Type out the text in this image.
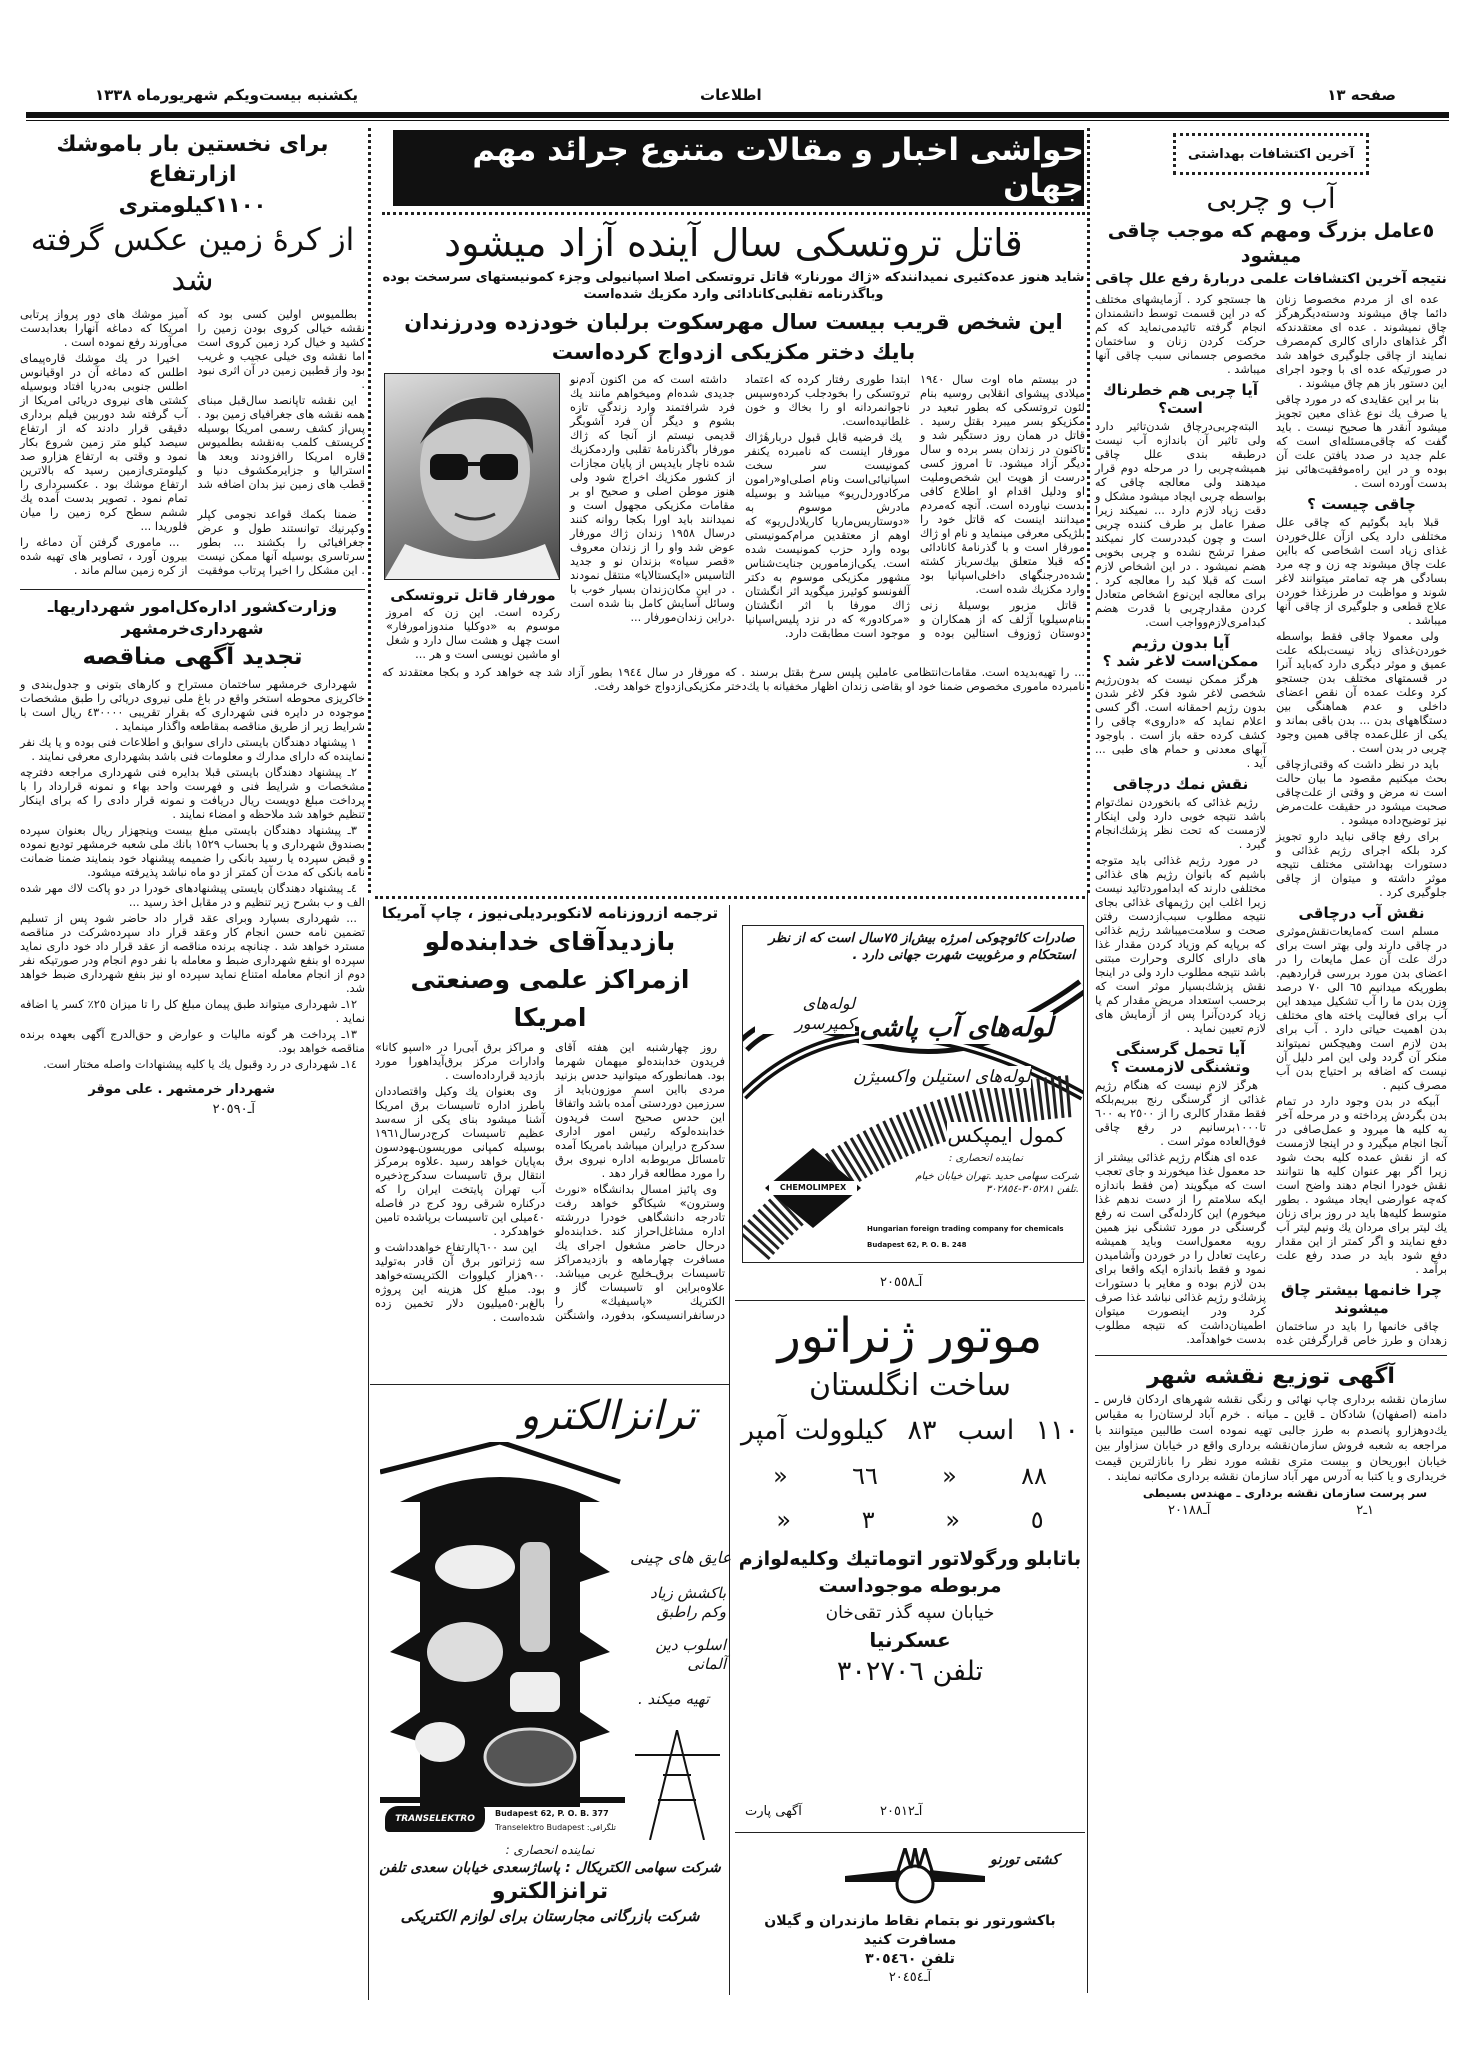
صفحه ١٣
اطلاعات
یکشنبه بیست‌ویکم شهریورماه ١٣٣٨
برای نخستین بار باموشك ازارتفاع
١١٠٠کیلومتری
از کرهٔ زمین عکس گرفته شد

بطلمیوس اولین کسی بود که نقشه خیالی کروی بودن زمین را کشید و خیال کرد زمین کروی است اما نقشه وی خیلی عجیب و غریب بود واز قطبین زمین در آن اثری نبود .

این نقشه تاپانصد سال‌قبل مبنای همه نقشه های جغرافیای زمین بود . پس‌از کشف رسمی امریکا بوسیله کریستف کلمب به‌نقشه بطلمیوس قاره امریکا راافزودند وبعد ها استرالیا و جزایرمکشوف دنیا و قطب های زمین نیز بدان اضافه شد .

ضمنا بکمك قواعد نجومی کپلر وکپرنیك توانستند طول و عرض جغرافیائی را بکشند ... بطور سرتاسری بوسیله آنها ممکن نیست . این مشکل را اخیرا پرتاب موفقیت آمیز موشك های دور پرواز پرتابی امریکا که دماغه آنهارا بعدابدست می‌آورند رفع نموده است .

اخیرا در یك موشك قاره‌پیمای اطلس که دماغه آن در اوقیانوس اطلس جنوبی به‌دریا افتاد وبوسیله کشتی های نیروی دریائی امریکا از آب گرفته شد دوربین فیلم برداری دقیقی قرار دادند که از ارتفاع سیصد کیلو متر زمین شروع بکار نمود و وقتی به ارتفاع هزارو صد کیلومتری‌ازمین رسید که بالاترین ارتفاع موشك بود . عکسبرداری را تمام نمود . تصویر بدست آمده یك ششم سطح کره زمین را میان فلوریدا ...

... ماموری گرفتن آن دماغه را بیرون آورد ، تصاویر های تهیه شده از کره زمین سالم ماند .

وزارت‌کشور اداره‌کل‌امور شهرداریهاـ شهرداری‌خرمشهر
تجدید آگهی مناقصه

شهرداری خرمشهر ساختمان مستراح و کارهای بتونی و جدول‌بندی و خاکریزی محوطه استخر واقع در باغ ملی نیروی دریائی را طبق مشخصات موجوده در دایره فنی شهرداری که بقرار تقریبی ٤٣٠٠٠٠ ریال است با شرایط زیر از طریق مناقصه بمقاطعه واگذار مینماید .

١ پیشنهاد دهندگان بایستی دارای سوابق و اطلاعات فنی بوده و یا یك نفر نماینده که دارای مدارك و معلومات فنی باشد بشهرداری معرفی نمایند .

٢ـ پیشنهاد دهندگان بایستی قبلا بدایره فنی شهرداری مراجعه دفترچه مشخصات و شرایط فنی و فهرست واحد بهاء و نمونه قرارداد را با پرداخت مبلغ دویست ریال دریافت و نمونه قرار دادی را که برای اینکار تنظیم خواهد شد ملاحظه و امضاء نمایند .

٣ـ پیشنهاد دهندگان بایستی مبلغ بیست وپنجهزار ریال بعنوان سپرده بصندوق شهرداری و یا بحساب ١٥٢٩ بانك ملی شعبه خرمشهر تودیع نموده و قبض سپرده یا رسید بانکی را ضمیمه پیشنهاد خود بنمایند ضمنا ضمانت نامه بانکی که مدت آن کمتر از دو ماه نباشد پذیرفته میشود.

٤ـ پیشنهاد دهندگان بایستی پیشنهادهای خودرا در دو پاکت لاك مهر شده الف و ب بشرح زیر تنظیم و در مقابل اخذ رسید ...

... شهرداری بسپارد وبرای عقد قرار داد حاضر شود پس از تسلیم تضمین نامه حسن انجام کار وعقد قرار داد سپرده‌شرکت در مناقصه مسترد خواهد شد . چنانچه برنده مناقصه از عقد قرار داد خود داری نماید سپرده او بنفع شهرداری ضبط و معامله با نفر دوم انجام ودر صورتیکه نفر دوم از انجام معامله امتناع نماید سپرده او نیز بنفع شهرداری ضبط خواهد شد.

١٢ـ شهرداری میتواند طبق پیمان مبلغ کل را تا میزان ٢٥٪ کسر یا اضافه نماید .

١٣ـ پرداخت هر گونه مالیات و عوارض و حق‌الدرج آگهی بعهده برنده مناقصه خواهد بود.

١٤ـ شهرداری در رد وقبول یك یا کلیه پیشنهادات واصله مختار است.

شهردار خرمشهر . علی موقر
آـ٢٠٥٩٠
حواشی اخبار و مقالات متنوع جرائد مهم جهان
قاتل تروتسکی سال آینده آزاد میشود
شاید هنوز عده‌کثیری نمیدانندکه «ژاك مورنار» قاتل تروتسکی اصلا اسپانیولی وجزء کمونیستهای سرسخت بوده وباگذرنامه تقلبی‌کانادائی وارد مکزیك شده‌است
این شخص قریب بیست سال مهرسکوت برلبان خودزده ودرزندان بایك دختر مکزیکی ازدواج کرده‌است

در بیستم ماه اوت سال ١٩٤٠ میلادی پیشوای انقلابی روسیه بنام لئون تروتسکی که بطور تبعید در مکزیکو بسر میبرد بقتل رسید . قاتل در همان روز دستگیر شد و تاکنون در زندان بسر برده و سال دیگر آزاد میشود. تا امروز کسی درست از هویت این شخص‌وملیت او ودلیل اقدام او اطلاع کافی بدست نیاورده است. آنچه که‌مردم میدانند اینست که قاتل خود را بلژیکی معرفی مینماید و نام او ژاك مورفار است و با گذرنامهٔ کانادائی که قبلا متعلق بیك‌سرباز کشته شده‌درجنگهای داخلی‌اسپانیا بود وارد مکزیك شده است.

قاتل مزبور بوسیلهٔ زنی بنام‌سیلویا آژلف که از همکاران و دوستان ژوزوف استالین بوده و ابتدا طوری رفتار کرده که اعتماد تروتسکی را بخودجلب کرده‌وسپس ناجوانمردانه او را بخاك و خون غلطانیده‌است.

یك فرضیه قابل قبول دربارهٔژاك مورفار اینست که نامبرده یکنفر کمونیست سر سخت اسپانیائی‌است ونام اصلی‌او«رامون مرکادوردل‌ریو» میباشد و بوسیله مادرش موسوم به «دوستاریس‌ماریا کاریلادل‌ریو» که اوهم از معتقدین مرام‌کمونیستی بوده وارد حزب کمونیست شده است. یکی‌ازمامورین جنایت‌شناس مشهور مکزیکی موسوم به دکتر آلفونسو کوئیرز میگوید اثر انگشتان ژاك مورفا با اثر انگشتان «مرکادور» که در نزد پلیس‌اسپانیا موجود است مطابقت دارد.

داشته است که من اکنون آدم‌نو جدیدی شده‌ام ومیخواهم مانند یك فرد شرافتمند وارد زندگی تازه بشوم و دیگر آن فرد آشوبگر قدیمی نیستم از آنجا که ژاك مورفار باگذرنامهٔ تقلبی واردمکزیك شده ناچار بایدپس از پایان مجازات از کشور مکزیك اخراج شود ولی هنوز موطن اصلی و صحیح او بر مقامات مکزیکی مجهول است و نمیدانند باید اورا بکجا روانه کنند درسال ١٩٥٨ زندان ژاك مورفار عوض شد واو را از زندان معروف «قصر سیاه» بزندان نو و جدید التاسیس «ایکستالایا» منتقل نمودند . در این مکان‌زندان بسیار خوب با وسائل آسایش کامل بنا شده است .دراین زندان‌مورفار ...

مورفار قاتل تروتسکی
رکرده است. این زن که امروز موسوم به «دوکلیا مندوزامورفار» است چهل و هشت سال دارد و شغل او ماشین نویسی است و هر ...
... را تهیه‌بدیده است. مقامات‌انتظامی عاملین پلیس سرخ بقتل برسند . که مورفار در سال ١٩٤٤ بطور آزاد شد چه خواهد کرد و بکجا معتقدند که نامبرده ماموری مخصوص ضمنا خود او بقاضی زندان اظهار مخفیانه با یك‌دختر مکزیکی‌ازدواج خواهد رفت.
ترجمه ازروزنامه لانکوبردیلی‌نیوز ، چاپ آمریکا
بازدیدآقای خدابنده‌لو ازمراکز علمی وصنعتی امریکا

روز چهارشنبه این هفته آقای فریدون خدابنده‌لو میهمان شهرما بود. همانطورکه میتوانید حدس بزنید مردی بااین اسم موزون‌باید از سرزمین دوردستی آمده باشد واتفاقا این حدس صحیح است فریدون خدابنده‌لوکه رئیس امور اداری سدکرج درایران میباشد بامریکا آمده تامسائل مربوط‌به اداره نیروی برق را مورد مطالعه قرار دهد .

وی پائیز امسال بدانشگاه «نورث وسترون» شیکاگو خواهد رفت تادرجه دانشگاهی خودرا دررشته اداره مشاغل‌احراز کند .خدابنده‌لو درحال حاضر مشغول اجرای یك مسافرت چهارماهه و بازدیدمراکز تاسیسات برق‌ـخلیج غربی میباشد. علاوه‌براین او تاسیسات گاز و الکتریك «پاسیفیك» را درسانفرانسیسکو، بدفورد، واشنگتن و مراکز برق آبی‌را در «اسپو کانا» وادارات مرکز برق‌آیداهورا مورد بازدید قرارداده‌است .

وی بعنوان یك وکیل واقتصاددان باطرز اداره تاسیسات برق امریکا آشنا میشود بنای یکی از سه‌سد عظیم تاسیسات کرج‌درسال١٩٦١ بوسیله کمپانی موریسون‌ـهودسون به‌پایان خواهد رسید .علاوه برمرکز انتقال برق تاسیسات سدکرج‌ذخیره آب تهران پایتخت ایران را که درکناره شرقی رود کرج در فاصله ٤٠میلی این تاسیسات برپاشده تامین خواهدکرد .

این سد ٦٠٠پاارتفاع خواهدداشت و سه ژنراتور برق آن قادر به‌تولید ٩٠٠هزار کیلووات الکتریسته‌خواهد بود. مبلغ کل هزینه این پروژه بالغ‌بر٥٠میلیون دلار تخمین زده شده‌است .

صادرات کائوچوکی امرژه بیش‌از ٧٥سال است که از نظر استحکام و مرغوبیت شهرت جهانی دارد .
CHEMOLIMPEX
لوله‌های آب پاشی
لوله‌های کمپرسور
لوله‌های استیلن واکسیژن
کمول ایمپکس
نماینده انحصاری :
شرکت سهامی حدید .تهران خیابان خیام .تلفن ٣٠٥٢٨١-٣٠٢٨٥٤
Hungarian foreign trading company for chemicals
Budapest 62, P. O. B. 248
آـ٢٠٥٥٨
موتور ژنراتور
ساخت انگلستان
١١٠
اسب
٨٣
کیلوولت آمپر
٨٨
«
٦٦
«
٥
«
٣
«
باتابلو ورگولاتور اتوماتیك وکلیه‌لوازم
مربوطه موجوداست
خیابان سپه گذر تقی‌خان
عسکرنیا
تلفن ٣٠٢٧٠٦
آـ٢٠٥١٢
آگهی پارت
کشتی تورنو
باکشورتور نو بتمام نقاط مازندران و گیلان مسافرت کنید
تلفن ٣٠٥٤٦٠
آـ٢٠٤٥٤
ترانزالکترو
عایق های چینی
باکشش زیاد وکم راطبق
اسلوب دین آلمانی
تهیه میکند .
TRANSELEKTRO
Budapest 62, P. O. B. 377
Transelektro Budapest :تلگرافی
نماینده انحصاری :
شرکت سهامی الکتریکال : پاساژسعدی خیابان سعدی تلفن
ترانزالکترو
شرکت بازرگانی مجارستان برای لوازم الکتریکی
آخرین اکتشافات بهداشتی
آب و چربی
٥عامل بزرگ ومهم که موجب چاقی میشود
نتیجه آخرین اکتشافات علمی دربارهٔ رفع علل چاقی

عده ای از مردم مخصوصا زنان دائما چاق میشوند ودسته‌دیگرهرگز چاق نمیشوند . عده ای معتقدندکه اگر غذاهای دارای کالری کم‌مصرف نمایند از چاقی جلوگیری خواهد شد در صورتیکه عده ای با وجود اجرای این دستور باز هم چاق میشوند .

بنا بر این عقایدی که در مورد چاقی یا صرف یك نوع غذای معین تجویز میشود آنقدر ها صحیح نیست . باید گفت که چاقی‌مسئله‌ای است که علم جدید در صدد یافتن علت آن بوده و در این راه‌موفقیت‌هائی نیز بدست آورده است .

چاقی چیست ؟

قبلا باید بگوئیم که چاقی علل مختلفی دارد یکی ازآن علل‌خوردن غذای زیاد است اشخاصی که بااین علت چاق میشوند چه زن و چه مرد بسادگی هر چه تمامتر میتوانند لاغر شوند و مواظبت در طرزغذا خوردن علاج قطعی و جلوگیری از چاقی آنها میباشد .

ولی معمولا چاقی فقط بواسطه خوردن‌غذای زیاد نیست‌بلکه علت عمیق و موثر دیگری دارد که‌باید آنرا در قسمتهای مختلف بدن جستجو کرد وعلت عمده آن نقص اعضای داخلی و عدم هماهنگی بین دستگاههای بدن ... بدن باقی بماند و یکی از علل‌عمده چاقی همین وجود چربی در بدن است .

باید در نظر داشت که وقتی‌ازچاقی بحث میکنیم مقصود ما بیان حالت است نه مرض و وقتی از علت‌چاقی صحبت میشود در حقیقت علت‌مرض نیز توضیح‌داده میشود .

برای رفع چاقی نباید دارو تجویز کرد بلکه اجرای رژیم غذائی و دستورات بهداشتی مختلف نتیجه موثر داشته و میتوان از چاقی جلوگیری کرد .

نقش آب درچاقی

مسلم است که‌مایعات‌نقش‌موثری در چاقی دارند ولی بهتر است برای درك علت آن عمل مایعات را در اعضای بدن مورد بررسی قراردهیم. بطوریکه میدانیم ٦٥ الی ٧٠ درصد وزن بدن ما را آب تشکیل میدهد این آب برای فعالیت یاخته های مختلف بدن اهمیت حیاتی دارد . آب برای بدن لازم است وهیچکس نمیتواند منکر آن گردد ولی این امر دلیل آن نیست که اضافه بر احتیاج بدن آب مصرف کنیم .

آبیکه در بدن وجود دارد در تمام بدن بگردش پرداخته و در مرحله آخر به کلیه ها میرود و عمل‌صافی در آنجا انجام میگیرد و در اینجا لازمست که از نقش عمده کلیه بحث شود زیرا اگر بهر عنوان کلیه ها نتوانند نقش خودرا انجام دهند واضح است که‌چه عوارضی ایجاد میشود . بطور متوسط کلیه‌ها باید در روز برای زنان یك لیتر برای مردان یك ونیم لیتر آب دفع نمایند و اگر کمتر از این مقدار دفع شود باید در صدد رفع علت برآمد .

چرا خانمها بیشتر چاق میشوند

چاقی خانمها را باید در ساختمان زهدان و طرز خاص قرارگرفتن غده ها جستجو کرد . آزمایشهای مختلف که در این قسمت توسط دانشمندان انجام گرفته تائیدمی‌نماید که کم حرکت کردن زنان و ساختمان مخصوص جسمانی سبب چاقی آنها میباشد .

آیا چربی هم خطرناك است؟

البته‌چربی‌درچاق شدن‌تاثیر دارد ولی تاثیر آن باندازه آب نیست درطبقه بندی علل چاقی همیشه‌چربی را در مرحله دوم قرار میدهند ولی معالجه چاقی که بواسطه چربی ایجاد میشود مشکل و دقت زیاد لازم دارد ... نمیکند زیرا صفرا عامل بر طرف کننده چربی است و چون کبددرست کار نمیکند صفرا ترشح نشده و چربی بخوبی هضم نمیشود . در این اشخاص لازم است که قبلا کبد را معالجه کرد . برای معالجه این‌نوع اشخاص متعادل کردن مقدارچربی با قدرت هضم کبدامری‌لازم‌وواجب است.

آیا بدون رژیم ممکن‌است لاغر شد ؟

هرگز ممکن نیست که بدون‌رژیم شخصی لاغر شود فکر لاغر شدن بدون رژیم احمقانه است. اگر کسی اعلام نماید که «داروی» چاقی را کشف کرده حقه باز است . باوجود آبهای معدنی و حمام های طبی ... آید .

نقش نمك درچاقی

رژیم غذائی که بانخوردن نمك‌توام باشد نتیجه خوبی دارد ولی اینکار لازمست که تحت نظر پزشك‌انجام گیرد .

در مورد رژیم غذائی باید متوجه باشیم که بانوان رژیم های غذائی مختلفی دارند که ابداموردتائید نیست زیرا اغلب این رژیمهای غذائی بجای نتیجه مطلوب سبب‌ازدست رفتن صحت و سلامت‌میباشد رژیم غذائی که برپایه کم وزیاد کردن مقدار غذا های دارای کالری وحرارت مبتنی باشد نتیجه مطلوب دارد ولی در اینجا نقش پزشك‌بسیار موثر است که برحسب استعداد مریض مقدار کم یا زیاد کردن‌آنرا پس از آزمایش های لازم تعیین نماید .

آیا تحمل گرسنگی وتشنگی لازمست ؟

هرگز لازم نیست که هنگام رژیم غذائی از گرسنگی رنج ببریم‌بلکه فقط مقدار کالری را از ٢٥٠٠ به ٦٠٠ تا١٠٠٠برسانیم در رفع چاقی فوق‌العاده موثر است .

عده ای هنگام رژیم غذائی بیشتر از حد معمول غذا میخورند و جای تعجب است که میگویند (من فقط باندازه ایکه سلامتم را از دست ندهم غذا میخورم) این کاردله‌گی است نه رفع گرسنگی در مورد تشنگی نیز همین رویه معمول‌است وباید همیشه رعایت تعادل را در خوردن وآشامیدن نمود و فقط باندازه ایکه واقعا برای بدن لازم بوده و مغایر با دستورات پزشك‌و رژیم غذائی نباشد غذا صرف کرد ودر اینصورت میتوان اطمینان‌داشت که نتیجه مطلوب بدست خواهدآمد.

آگهی توزیع نقشه شهر
سازمان نقشه برداری چاپ نهائی و رنگی نقشه شهرهای اردکان فارس ـ دامنه (اصفهان) شادکان ـ قاین ـ میانه . خرم آباد لرستان‌را به مقیاس یك‌دوهزارو پانصدم به طرز جالبی تهیه نموده است طالبین میتوانند با مراجعه به شعبه فروش سازمان‌نقشه برداری واقع در خیابان سزاوار بین خیابان ابوریحان و بیست متری نقشه مورد نظر را بانازلترین قیمت خریداری و یا کتبا به آدرس مهر آباد سازمان نقشه برداری مکاتبه نمایند .
سر پرست سازمان نقشه برداری ـ مهندس بسیطی
١ـ٢
آـ٢٠١٨٨
